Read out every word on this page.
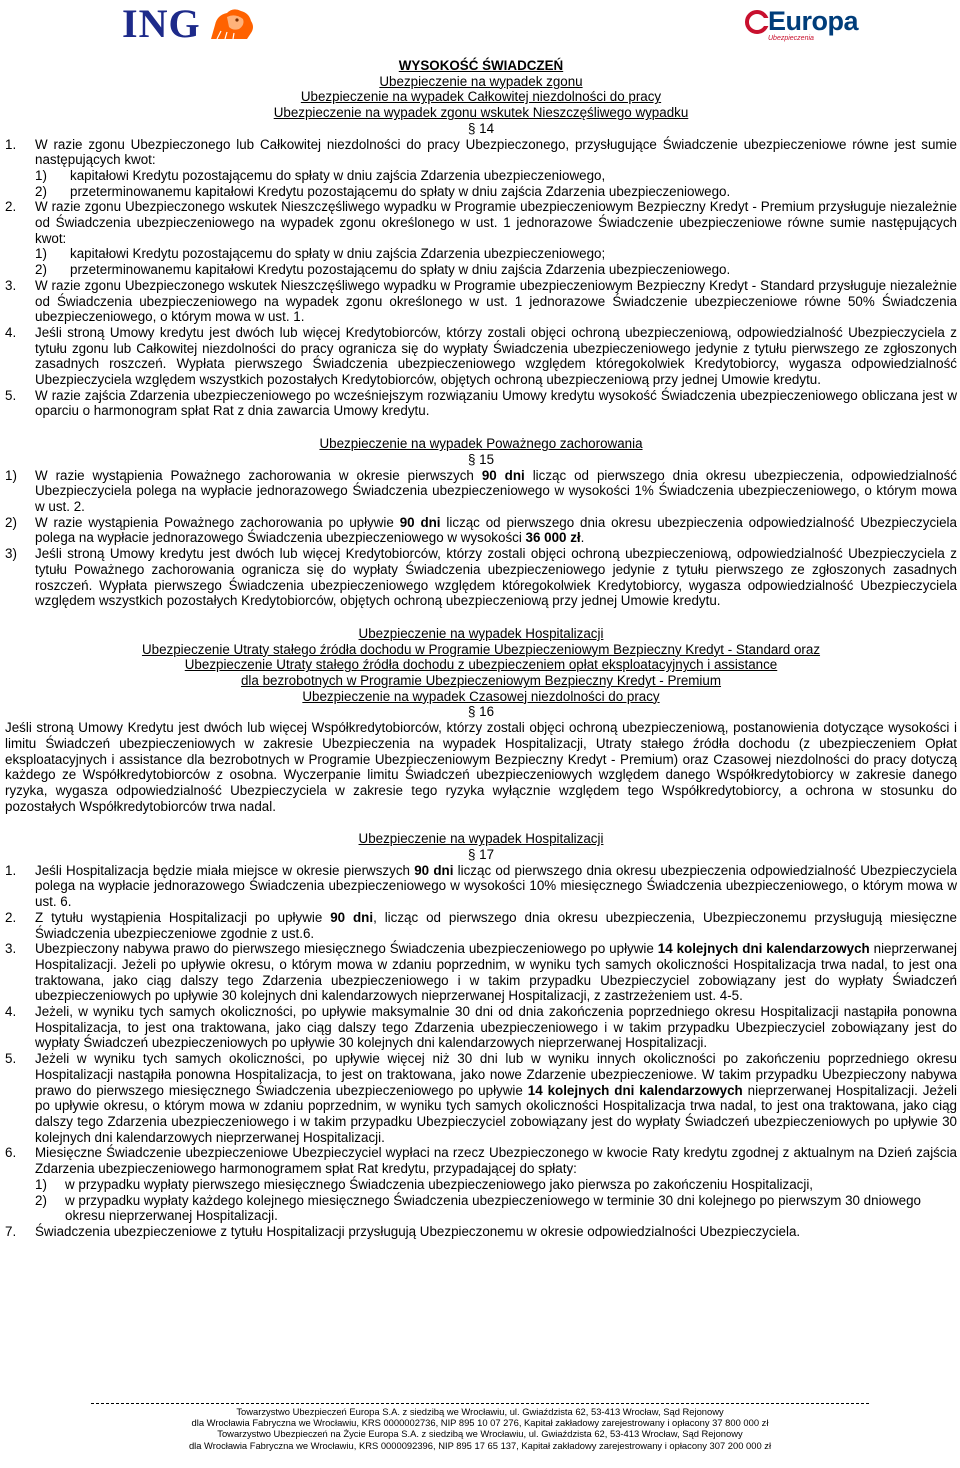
ING	Europa
Ubezpieczenia
WYSOKOŚĆ ŚWIADCZEŃ
Ubezpieczenie na wypadek zgonu
Ubezpieczenie na wypadek Całkowitej niezdolności do pracy
Ubezpieczenie na wypadek zgonu wskutek Nieszczęśliwego wypadku
§ 14
1.	W razie zgonu Ubezpieczonego lub Całkowitej niezdolności do pracy Ubezpieczonego, przysługujące Świadczenie ubezpieczeniowe równe jest sumie następujących kwot:
1)	kapitałowi Kredytu pozostającemu do spłaty w dniu zajścia Zdarzenia ubezpieczeniowego,
2)	przeterminowanemu kapitałowi Kredytu pozostającemu do spłaty w dniu zajścia Zdarzenia ubezpieczeniowego.
2.	W razie zgonu Ubezpieczonego wskutek Nieszczęśliwego wypadku w Programie ubezpieczeniowym Bezpieczny Kredyt - Premium przysługuje niezależnie od Świadczenia ubezpieczeniowego na wypadek zgonu określonego w ust. 1 jednorazowe Świadczenie ubezpieczeniowe równe sumie następujących kwot:
1)	kapitałowi Kredytu pozostającemu do spłaty w dniu zajścia Zdarzenia ubezpieczeniowego;
2)	przeterminowanemu kapitałowi Kredytu pozostającemu do spłaty w dniu zajścia Zdarzenia ubezpieczeniowego.
3.	W razie zgonu Ubezpieczonego wskutek Nieszczęśliwego wypadku w Programie ubezpieczeniowym Bezpieczny Kredyt - Standard przysługuje niezależnie od Świadczenia ubezpieczeniowego na wypadek zgonu określonego w ust. 1 jednorazowe Świadczenie ubezpieczeniowe równe 50% Świadczenia ubezpieczeniowego, o którym mowa w ust. 1.
4.	Jeśli stroną Umowy kredytu jest dwóch lub więcej Kredytobiorców, którzy zostali objęci ochroną ubezpieczeniową, odpowiedzialność Ubezpieczyciela z tytułu zgonu lub Całkowitej niezdolności do pracy ogranicza się do wypłaty Świadczenia ubezpieczeniowego jedynie z tytułu pierwszego ze zgłoszonych zasadnych roszczeń. Wypłata pierwszego Świadczenia ubezpieczeniowego względem któregokolwiek Kredytobiorcy, wygasza odpowiedzialność Ubezpieczyciela względem wszystkich pozostałych Kredytobiorców, objętych ochroną ubezpieczeniową przy jednej Umowie kredytu.
5.	W razie zajścia Zdarzenia ubezpieczeniowego po wcześniejszym rozwiązaniu Umowy kredytu wysokość Świadczenia ubezpieczeniowego obliczana jest w oparciu o harmonogram spłat Rat z dnia zawarcia Umowy kredytu.
Ubezpieczenie na wypadek Poważnego zachorowania
§ 15
1)	W razie wystąpienia Poważnego zachorowania w okresie pierwszych 90 dni licząc od pierwszego dnia okresu ubezpieczenia, odpowiedzialność Ubezpieczyciela polega na wypłacie jednorazowego Świadczenia ubezpieczeniowego w wysokości 1% Świadczenia ubezpieczeniowego, o którym mowa w ust. 2.
2)	W razie wystąpienia Poważnego zachorowania po upływie 90 dni licząc od pierwszego dnia okresu ubezpieczenia odpowiedzialność Ubezpieczyciela polega na wypłacie jednorazowego Świadczenia ubezpieczeniowego w wysokości 36 000 zł.
3)	Jeśli stroną Umowy kredytu jest dwóch lub więcej Kredytobiorców, którzy zostali objęci ochroną ubezpieczeniową, odpowiedzialność Ubezpieczyciela z tytułu Poważnego zachorowania ogranicza się do wypłaty Świadczenia ubezpieczeniowego jedynie z tytułu pierwszego ze zgłoszonych zasadnych roszczeń. Wypłata pierwszego Świadczenia ubezpieczeniowego względem któregokolwiek Kredytobiorcy, wygasza odpowiedzialność Ubezpieczyciela względem wszystkich pozostałych Kredytobiorców, objętych ochroną ubezpieczeniową przy jednej Umowie kredytu.
Ubezpieczenie na wypadek Hospitalizacji
Ubezpieczenie Utraty stałego źródła dochodu w Programie Ubezpieczeniowym Bezpieczny Kredyt - Standard oraz
Ubezpieczenie Utraty stałego źródła dochodu z ubezpieczeniem opłat eksploatacyjnych i assistance
dla bezrobotnych w Programie Ubezpieczeniowym Bezpieczny Kredyt - Premium
Ubezpieczenie na wypadek Czasowej niezdolności do pracy
§ 16
Jeśli stroną Umowy Kredytu jest dwóch lub więcej Współkredytobiorców, którzy zostali objęci ochroną ubezpieczeniową, postanowienia dotyczące wysokości i limitu Świadczeń ubezpieczeniowych w zakresie Ubezpieczenia na wypadek Hospitalizacji, Utraty stałego źródła dochodu (z ubezpieczeniem Opłat eksploatacyjnych i assistance dla bezrobotnych w Programie Ubezpieczeniowym Bezpieczny Kredyt - Premium) oraz Czasowej niezdolności do pracy dotyczą każdego ze Współkredytobiorców z osobna. Wyczerpanie limitu Świadczeń ubezpieczeniowych względem danego Współkredytobiorcy w zakresie danego ryzyka, wygasza odpowiedzialność Ubezpieczyciela w zakresie tego ryzyka wyłącznie względem tego Współkredytobiorcy, a ochrona w stosunku do pozostałych Współkredytobiorców trwa nadal.
Ubezpieczenie na wypadek Hospitalizacji
§ 17
1.	Jeśli Hospitalizacja będzie miała miejsce w okresie pierwszych 90 dni licząc od pierwszego dnia okresu ubezpieczenia odpowiedzialność Ubezpieczyciela polega na wypłacie jednorazowego Świadczenia ubezpieczeniowego w wysokości 10% miesięcznego Świadczenia ubezpieczeniowego, o którym mowa w ust. 6.
2.	Z tytułu wystąpienia Hospitalizacji po upływie 90 dni, licząc od pierwszego dnia okresu ubezpieczenia, Ubezpieczonemu przysługują miesięczne Świadczenia ubezpieczeniowe zgodnie z ust.6.
3.	Ubezpieczony nabywa prawo do pierwszego miesięcznego Świadczenia ubezpieczeniowego po upływie 14 kolejnych dni kalendarzowych nieprzerwanej Hospitalizacji. Jeżeli po upływie okresu, o którym mowa w zdaniu poprzednim, w wyniku tych samych okoliczności Hospitalizacja trwa nadal, to jest ona traktowana, jako ciąg dalszy tego Zdarzenia ubezpieczeniowego i w takim przypadku Ubezpieczyciel zobowiązany jest do wypłaty Świadczeń ubezpieczeniowych po upływie 30 kolejnych dni kalendarzowych nieprzerwanej Hospitalizacji, z zastrzeżeniem ust. 4-5.
4.	Jeżeli, w wyniku tych samych okoliczności, po upływie maksymalnie 30 dni od dnia zakończenia poprzedniego okresu Hospitalizacji nastąpiła ponowna Hospitalizacja, to jest ona traktowana, jako ciąg dalszy tego Zdarzenia ubezpieczeniowego i w takim przypadku Ubezpieczyciel zobowiązany jest do wypłaty Świadczeń ubezpieczeniowych po upływie 30 kolejnych dni kalendarzowych nieprzerwanej Hospitalizacji.
5.	Jeżeli w wyniku tych samych okoliczności, po upływie więcej niż 30 dni lub w wyniku innych okoliczności po zakończeniu poprzedniego okresu Hospitalizacji nastąpiła ponowna Hospitalizacja, to jest on traktowana, jako nowe Zdarzenie ubezpieczeniowe. W takim przypadku Ubezpieczony nabywa prawo do pierwszego miesięcznego Świadczenia ubezpieczeniowego po upływie 14 kolejnych dni kalendarzowych nieprzerwanej Hospitalizacji. Jeżeli po upływie okresu, o którym mowa w zdaniu poprzednim, w wyniku tych samych okoliczności Hospitalizacja trwa nadal, to jest ona traktowana, jako ciąg dalszy tego Zdarzenia ubezpieczeniowego i w takim przypadku Ubezpieczyciel zobowiązany jest do wypłaty Świadczeń ubezpieczeniowych po upływie 30 kolejnych dni kalendarzowych nieprzerwanej Hospitalizacji.
6.	Miesięczne Świadczenie ubezpieczeniowe Ubezpieczyciel wypłaci na rzecz Ubezpieczonego w kwocie Raty kredytu zgodnej z aktualnym na Dzień zajścia Zdarzenia ubezpieczeniowego harmonogramem spłat Rat kredytu, przypadającej do spłaty:
1)	w przypadku wypłaty pierwszego miesięcznego Świadczenia ubezpieczeniowego jako pierwsza po zakończeniu Hospitalizacji,
2)	w przypadku wypłaty każdego kolejnego miesięcznego Świadczenia ubezpieczeniowego w terminie 30 dni kolejnego po pierwszym 30 dniowego okresu nieprzerwanej Hospitalizacji.
7.	Świadczenia ubezpieczeniowe z tytułu Hospitalizacji przysługują Ubezpieczonemu w okresie odpowiedzialności Ubezpieczyciela.
Towarzystwo Ubezpieczeń Europa S.A. z siedzibą we Wrocławiu, ul. Gwiaździsta 62, 53-413 Wrocław, Sąd Rejonowy
dla Wrocławia Fabryczna we Wrocławiu, KRS 0000002736, NIP 895 10 07 276, Kapitał zakładowy zarejestrowany i opłacony 37 800 000 zł
Towarzystwo Ubezpieczeń na Życie Europa S.A. z siedzibą we Wrocławiu, ul. Gwiaździsta 62, 53-413 Wrocław, Sąd Rejonowy
dla Wrocławia Fabryczna we Wrocławiu, KRS 0000092396, NIP 895 17 65 137, Kapitał zakładowy zarejestrowany i opłacony 307 200 000 zł
